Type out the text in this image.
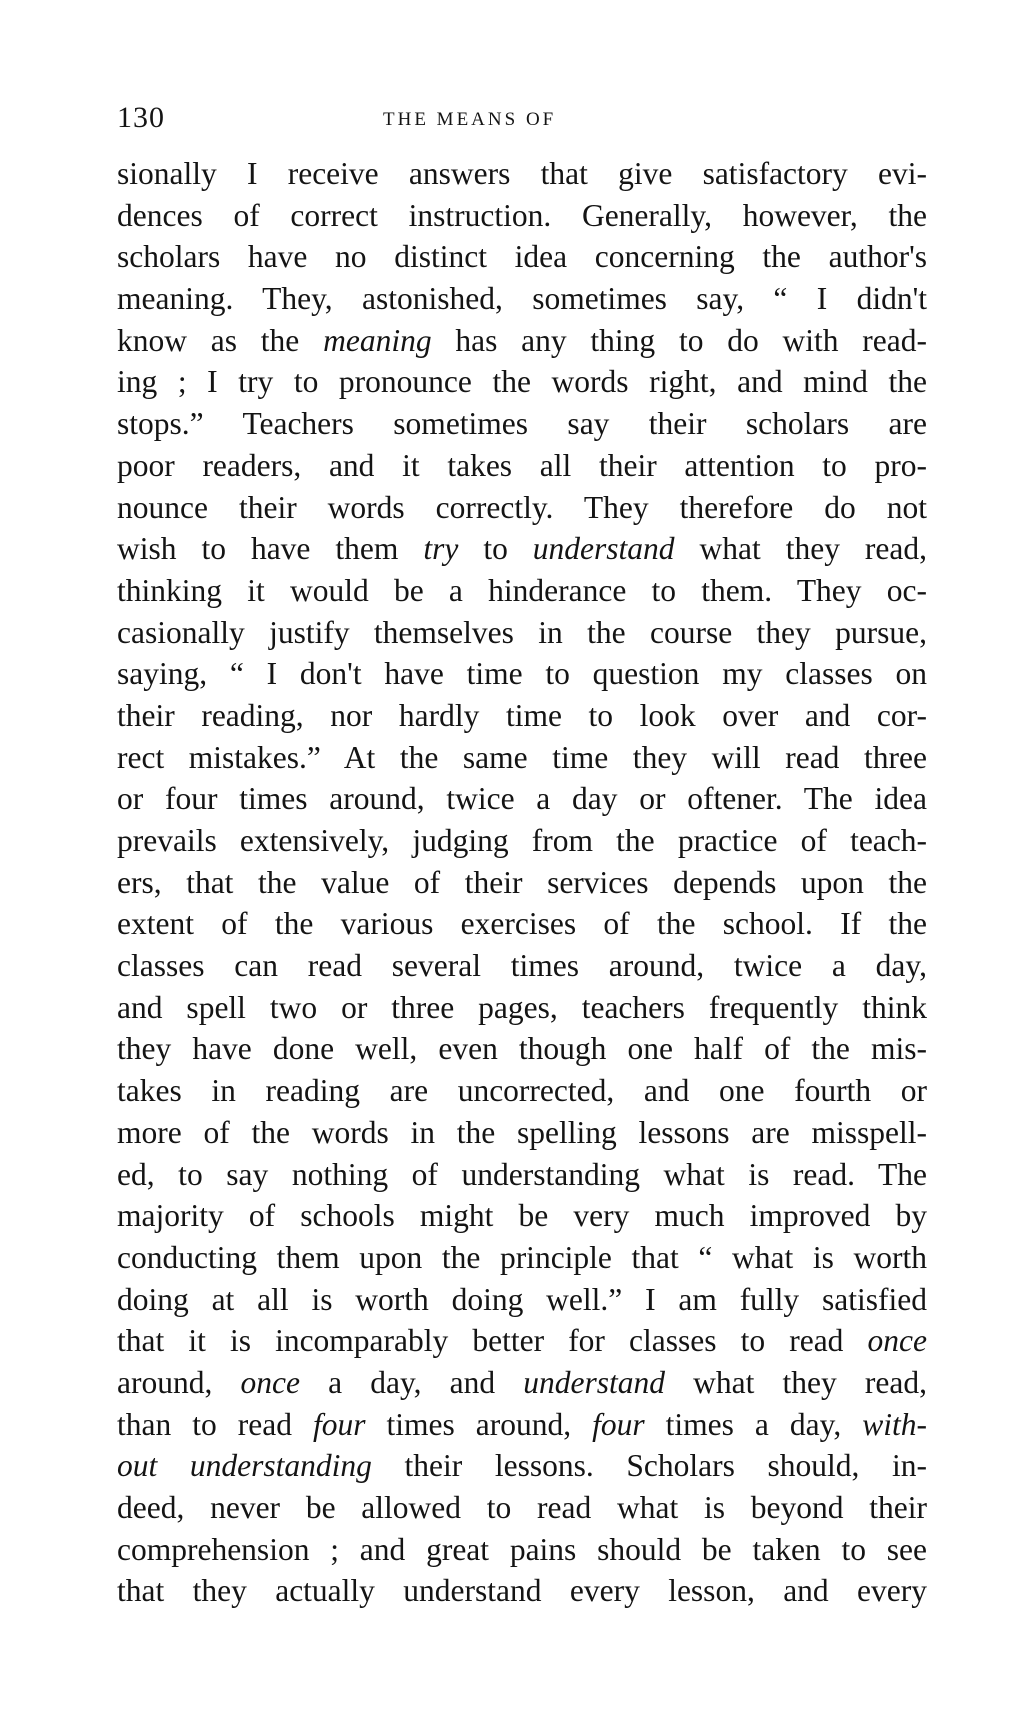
130	THE MEANS OF
sionally I receive answers that give satisfactory evi-
dences of correct instruction. Generally, however, the
scholars have no distinct idea concerning the author's
meaning. They, astonished, sometimes say, “ I didn't
know as the meaning has any thing to do with read-
ing ; I try to pronounce the words right, and mind the
stops.” Teachers sometimes say their scholars are
poor readers, and it takes all their attention to pro-
nounce their words correctly. They therefore do not
wish to have them try to understand what they read,
thinking it would be a hinderance to them. They oc-
casionally justify themselves in the course they pursue,
saying, “ I don't have time to question my classes on
their reading, nor hardly time to look over and cor-
rect mistakes.” At the same time they will read three
or four times around, twice a day or oftener. The idea
prevails extensively, judging from the practice of teach-
ers, that the value of their services depends upon the
extent of the various exercises of the school. If the
classes can read several times around, twice a day,
and spell two or three pages, teachers frequently think
they have done well, even though one half of the mis-
takes in reading are uncorrected, and one fourth or
more of the words in the spelling lessons are misspell-
ed, to say nothing of understanding what is read. The
majority of schools might be very much improved by
conducting them upon the principle that “ what is worth
doing at all is worth doing well.” I am fully satisfied
that it is incomparably better for classes to read once
around, once a day, and understand what they read,
than to read four times around, four times a day, with-
out understanding their lessons. Scholars should, in-
deed, never be allowed to read what is beyond their
comprehension ; and great pains should be taken to see
that they actually understand every lesson, and every
